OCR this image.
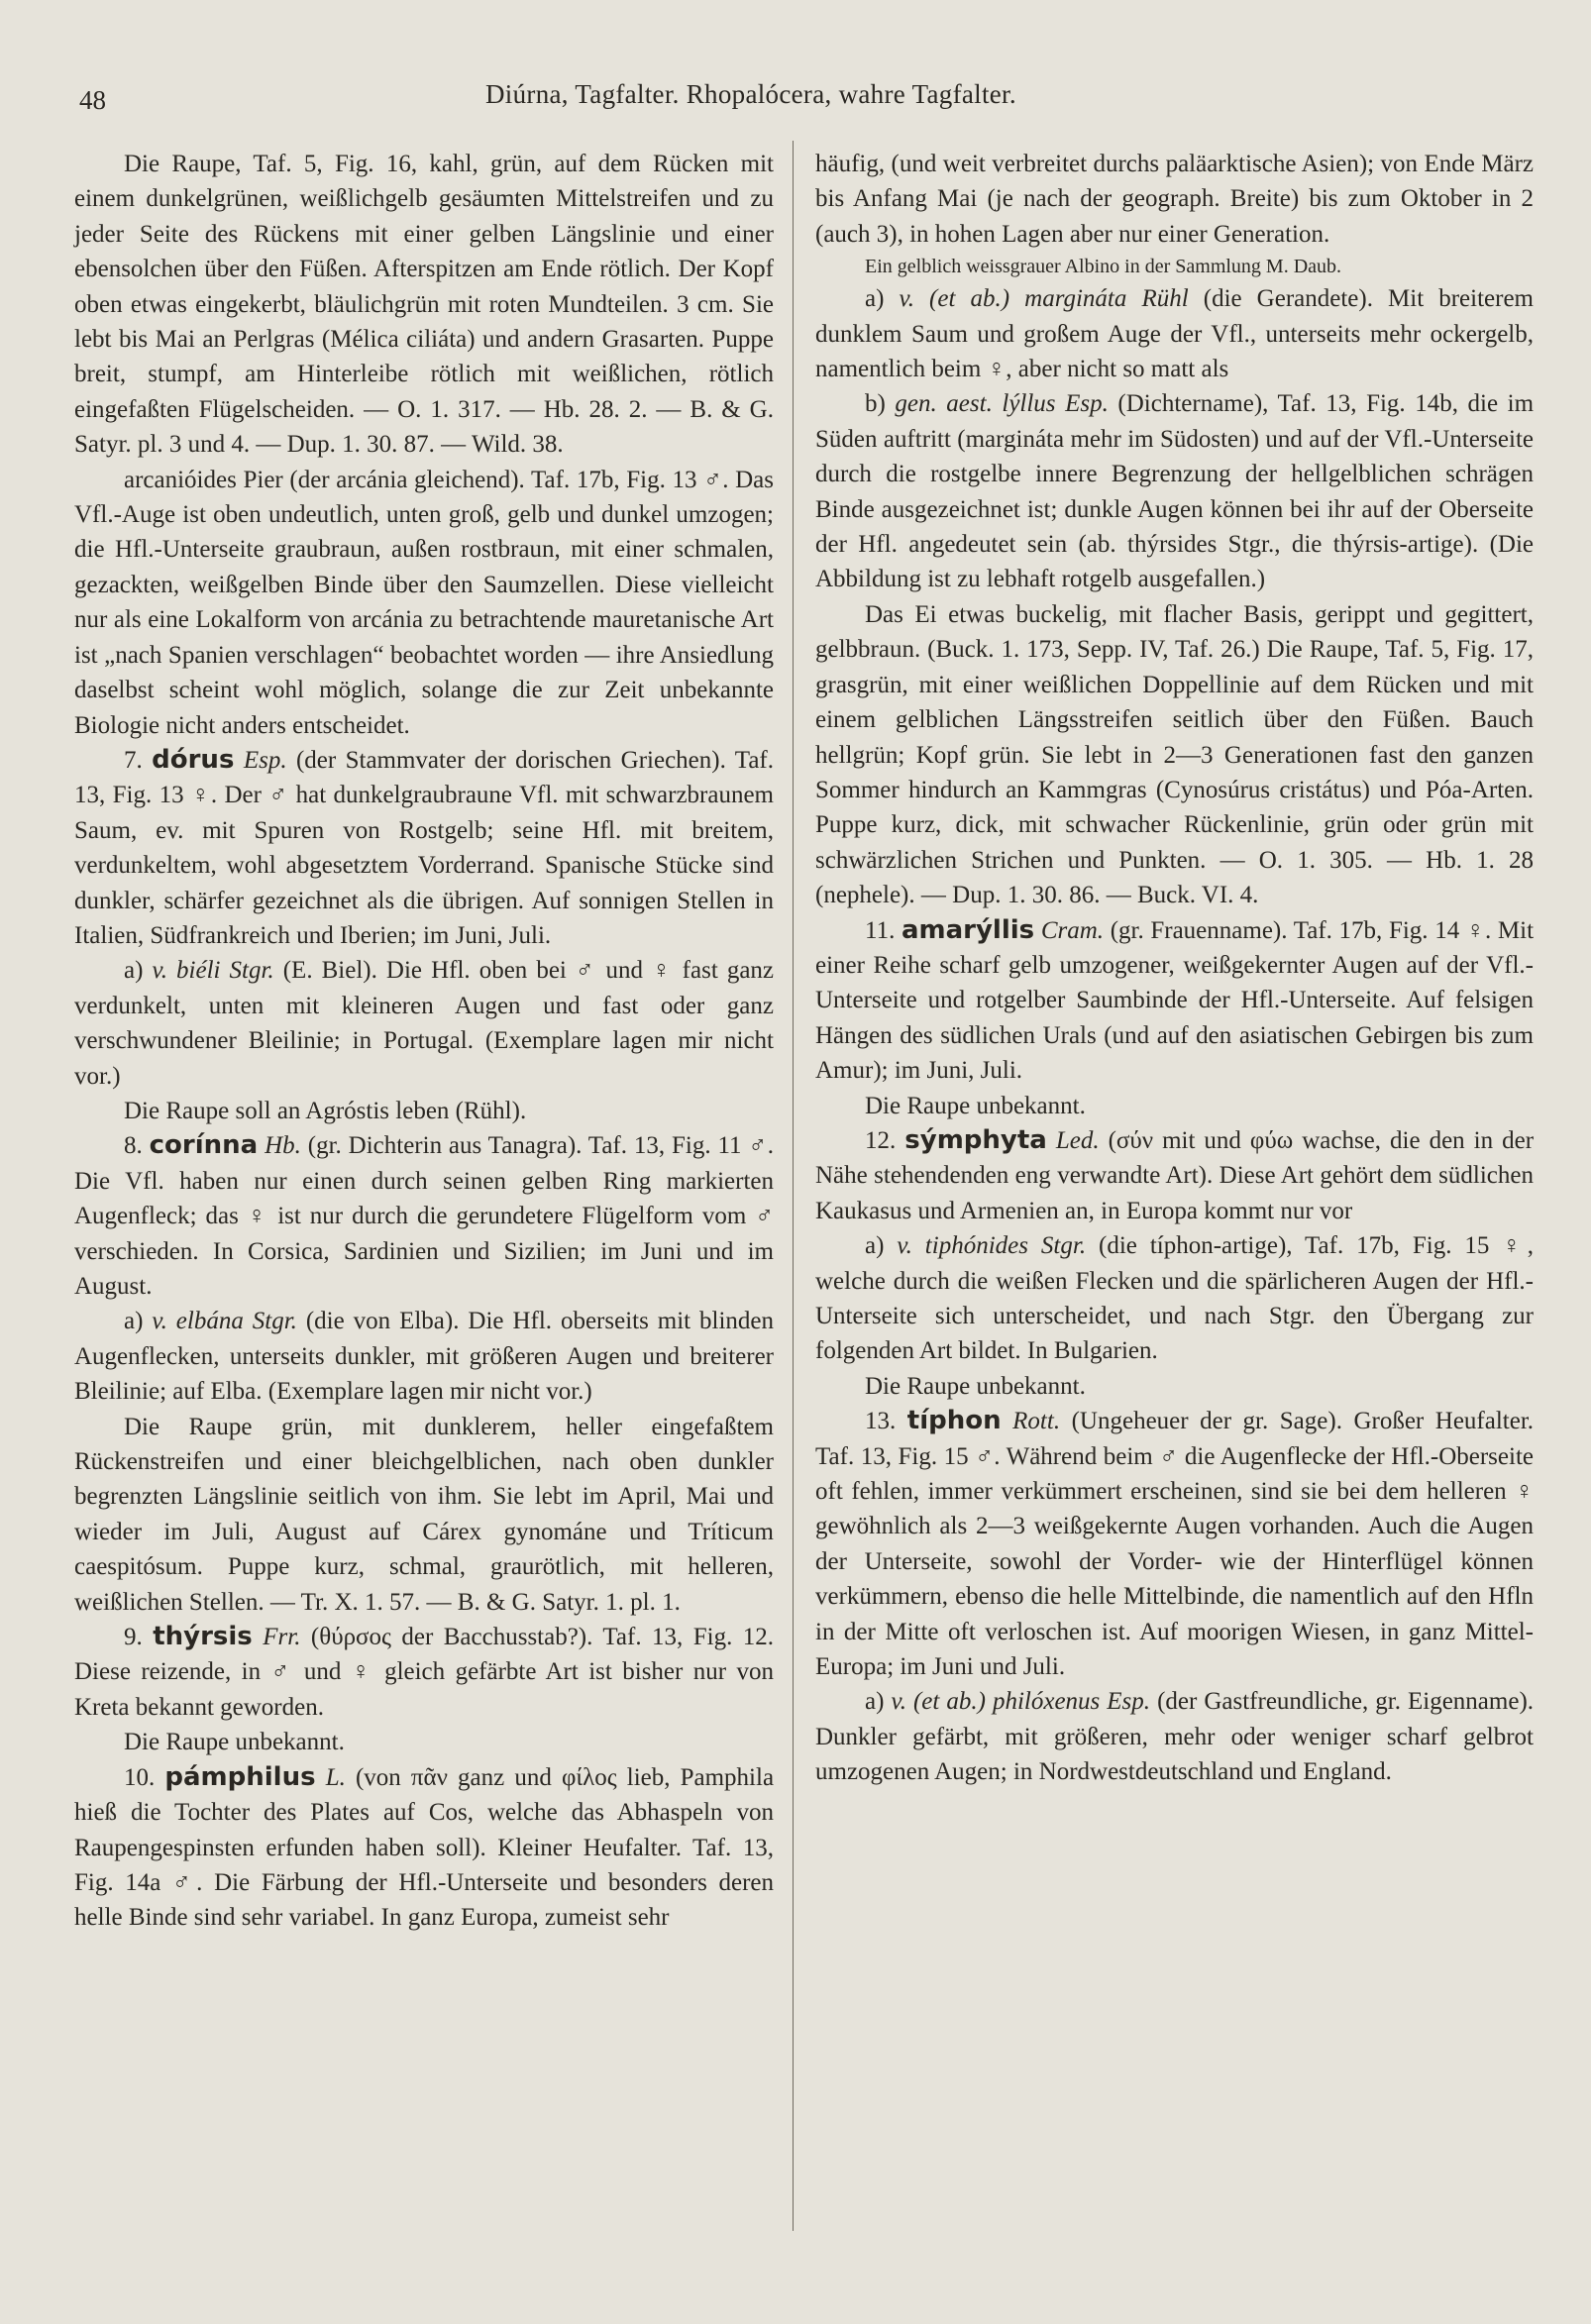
48	Diúrna, Tagfalter. Rhopalócera, wahre Tagfalter.

Die Raupe, Taf. 5, Fig. 16, kahl, grün, auf dem Rücken mit einem dunkelgrünen, weißlichgelb gesäumten Mittelstreifen und zu jeder Seite des Rückens mit einer gelben Längslinie und einer ebensolchen über den Füßen. Afterspitzen am Ende rötlich. Der Kopf oben etwas eingekerbt, bläulichgrün mit roten Mundteilen. 3 cm. Sie lebt bis Mai an Perlgras (Mélica ciliáta) und andern Grasarten. Puppe breit, stumpf, am Hinterleibe rötlich mit weißlichen, rötlich eingefaßten Flügelscheiden. — O. 1. 317. — Hb. 28. 2. — B. & G. Satyr. pl. 3 und 4. — Dup. 1. 30. 87. — Wild. 38.

arcanióides Pier (der arcánia gleichend). Taf. 17b, Fig. 13 ♂. Das Vfl.-Auge ist oben undeutlich, unten groß, gelb und dunkel umzogen; die Hfl.-Unterseite graubraun, außen rostbraun, mit einer schmalen, gezackten, weißgelben Binde über den Saumzellen. Diese vielleicht nur als eine Lokalform von arcánia zu betrachtende mauretanische Art ist „nach Spanien verschlagen“ beobachtet worden — ihre Ansiedlung daselbst scheint wohl möglich, solange die zur Zeit unbekannte Biologie nicht anders entscheidet.

7. dórus Esp. (der Stammvater der dorischen Griechen). Taf. 13, Fig. 13 ♀. Der ♂ hat dunkelgraubraune Vfl. mit schwarzbraunem Saum, ev. mit Spuren von Rostgelb; seine Hfl. mit breitem, verdunkeltem, wohl abgesetztem Vorderrand. Spanische Stücke sind dunkler, schärfer gezeichnet als die übrigen. Auf sonnigen Stellen in Italien, Südfrankreich und Iberien; im Juni, Juli.

a) v. biéli Stgr. (E. Biel). Die Hfl. oben bei ♂ und ♀ fast ganz verdunkelt, unten mit kleineren Augen und fast oder ganz verschwundener Bleilinie; in Portugal. (Exemplare lagen mir nicht vor.)

Die Raupe soll an Agróstis leben (Rühl).

8. corínna Hb. (gr. Dichterin aus Tanagra). Taf. 13, Fig. 11 ♂. Die Vfl. haben nur einen durch seinen gelben Ring markierten Augenfleck; das ♀ ist nur durch die gerundetere Flügelform vom ♂ verschieden. In Corsica, Sardinien und Sizilien; im Juni und im August.

a) v. elbána Stgr. (die von Elba). Die Hfl. oberseits mit blinden Augenflecken, unterseits dunkler, mit größeren Augen und breiterer Bleilinie; auf Elba. (Exemplare lagen mir nicht vor.)

Die Raupe grün, mit dunklerem, heller eingefaßtem Rückenstreifen und einer bleichgelblichen, nach oben dunkler begrenzten Längslinie seitlich von ihm. Sie lebt im April, Mai und wieder im Juli, August auf Cárex gynománe und Tríticum caespitósum. Puppe kurz, schmal, graurötlich, mit helleren, weißlichen Stellen. — Tr. X. 1. 57. — B. & G. Satyr. 1. pl. 1.

9. thýrsis Frr. (θύρσος der Bacchusstab?). Taf. 13, Fig. 12. Diese reizende, in ♂ und ♀ gleich gefärbte Art ist bisher nur von Kreta bekannt geworden.

Die Raupe unbekannt.

10. pámphilus L. (von πᾶν ganz und φίλος lieb, Pamphila hieß die Tochter des Plates auf Cos, welche das Abhaspeln von Raupengespinsten erfunden haben soll). Kleiner Heufalter. Taf. 13, Fig. 14a ♂. Die Färbung der Hfl.-Unterseite und besonders deren helle Binde sind sehr variabel. In ganz Europa, zumeist sehr

häufig, (und weit verbreitet durchs paläarktische Asien); von Ende März bis Anfang Mai (je nach der geograph. Breite) bis zum Oktober in 2 (auch 3), in hohen Lagen aber nur einer Generation.

Ein gelblich weissgrauer Albino in der Sammlung M. Daub.

a) v. (et ab.) margináta Rühl (die Gerandete). Mit breiterem dunklem Saum und großem Auge der Vfl., unterseits mehr ockergelb, namentlich beim ♀, aber nicht so matt als

b) gen. aest. lýllus Esp. (Dichtername), Taf. 13, Fig. 14b, die im Süden auftritt (margináta mehr im Südosten) und auf der Vfl.-Unterseite durch die rostgelbe innere Begrenzung der hellgelblichen schrägen Binde ausgezeichnet ist; dunkle Augen können bei ihr auf der Oberseite der Hfl. angedeutet sein (ab. thýrsides Stgr., die thýrsis-artige). (Die Abbildung ist zu lebhaft rotgelb ausgefallen.)

Das Ei etwas buckelig, mit flacher Basis, gerippt und gegittert, gelbbraun. (Buck. 1. 173, Sepp. IV, Taf. 26.) Die Raupe, Taf. 5, Fig. 17, grasgrün, mit einer weißlichen Doppellinie auf dem Rücken und mit einem gelblichen Längsstreifen seitlich über den Füßen. Bauch hellgrün; Kopf grün. Sie lebt in 2—3 Generationen fast den ganzen Sommer hindurch an Kammgras (Cynosúrus cristátus) und Póa-Arten. Puppe kurz, dick, mit schwacher Rückenlinie, grün oder grün mit schwärzlichen Strichen und Punkten. — O. 1. 305. — Hb. 1. 28 (nephele). — Dup. 1. 30. 86. — Buck. VI. 4.

11. amarýllis Cram. (gr. Frauenname). Taf. 17b, Fig. 14 ♀. Mit einer Reihe scharf gelb umzogener, weißgekernter Augen auf der Vfl.-Unterseite und rotgelber Saumbinde der Hfl.-Unterseite. Auf felsigen Hängen des südlichen Urals (und auf den asiatischen Gebirgen bis zum Amur); im Juni, Juli.

Die Raupe unbekannt.

12. sýmphyta Led. (σύν mit und φύω wachse, die den in der Nähe stehendenden eng verwandte Art). Diese Art gehört dem südlichen Kaukasus und Armenien an, in Europa kommt nur vor

a) v. tiphónides Stgr. (die típhon-artige), Taf. 17b, Fig. 15 ♀, welche durch die weißen Flecken und die spärlicheren Augen der Hfl.-Unterseite sich unterscheidet, und nach Stgr. den Übergang zur folgenden Art bildet. In Bulgarien.

Die Raupe unbekannt.

13. típhon Rott. (Ungeheuer der gr. Sage). Großer Heufalter. Taf. 13, Fig. 15 ♂. Während beim ♂ die Augenflecke der Hfl.-Oberseite oft fehlen, immer verkümmert erscheinen, sind sie bei dem helleren ♀ gewöhnlich als 2—3 weißgekernte Augen vorhanden. Auch die Augen der Unterseite, sowohl der Vorder- wie der Hinterflügel können verkümmern, ebenso die helle Mittelbinde, die namentlich auf den Hfln in der Mitte oft verloschen ist. Auf moorigen Wiesen, in ganz Mittel-Europa; im Juni und Juli.

a) v. (et ab.) philóxenus Esp. (der Gastfreundliche, gr. Eigenname). Dunkler gefärbt, mit größeren, mehr oder weniger scharf gelbrot umzogenen Augen; in Nordwestdeutschland und England.
